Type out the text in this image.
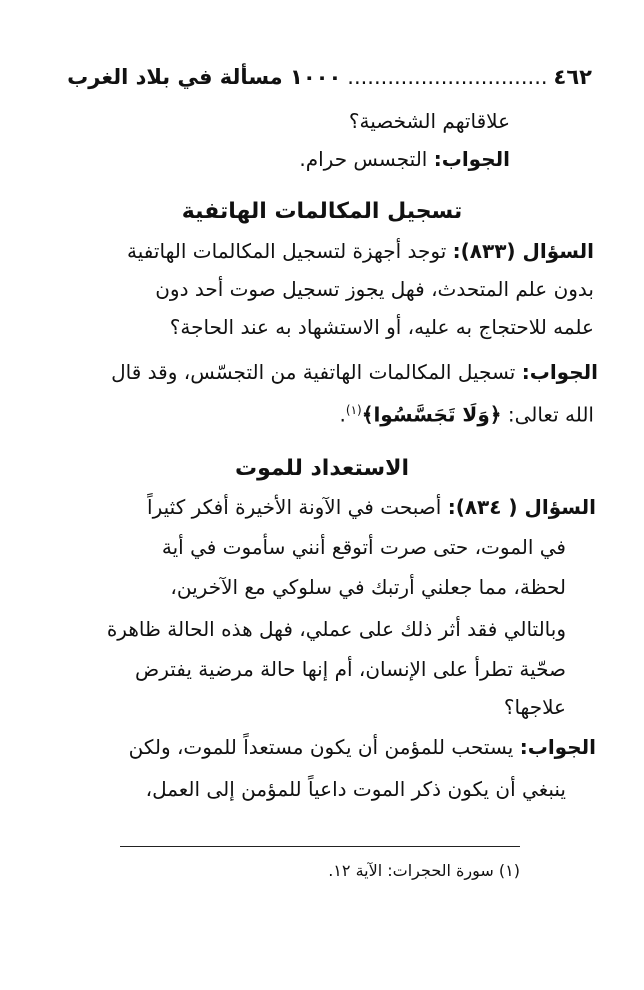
٤٦٢..............................١٠٠٠ مسألة في بلاد الغرب
علاقاتهم الشخصية؟
الجواب: التجسس حرام.
تسجيل المكالمات الهاتفية
السؤال (٨٣٣): توجد أجهزة لتسجيل المكالمات الهاتفية
بدون علم المتحدث، فهل يجوز تسجيل صوت أحد دون
علمه للاحتجاج به عليه، أو الاستشهاد به عند الحاجة؟
الجواب: تسجيل المكالمات الهاتفية من التجسّس، وقد قال
الله تعالى: ﴿وَلَا تَجَسَّسُوا﴾$^{(١)}$.
الاستعداد للموت
السؤال ( ٨٣٤): أصبحت في الآونة الأخيرة أفكر كثيراً
في الموت، حتى صرت أتوقع أنني سأموت في أية
لحظة، مما جعلني أرتبك في سلوكي مع الآخرين،
وبالتالي فقد أثر ذلك على عملي، فهل هذه الحالة ظاهرة
صحّية تطرأ على الإنسان، أم إنها حالة مرضية يفترض
علاجها؟
الجواب: يستحب للمؤمن أن يكون مستعداً للموت، ولكن
ينبغي أن يكون ذكر الموت داعياً للمؤمن إلى العمل،
(١) سورة الحجرات: الآية ١٢.
